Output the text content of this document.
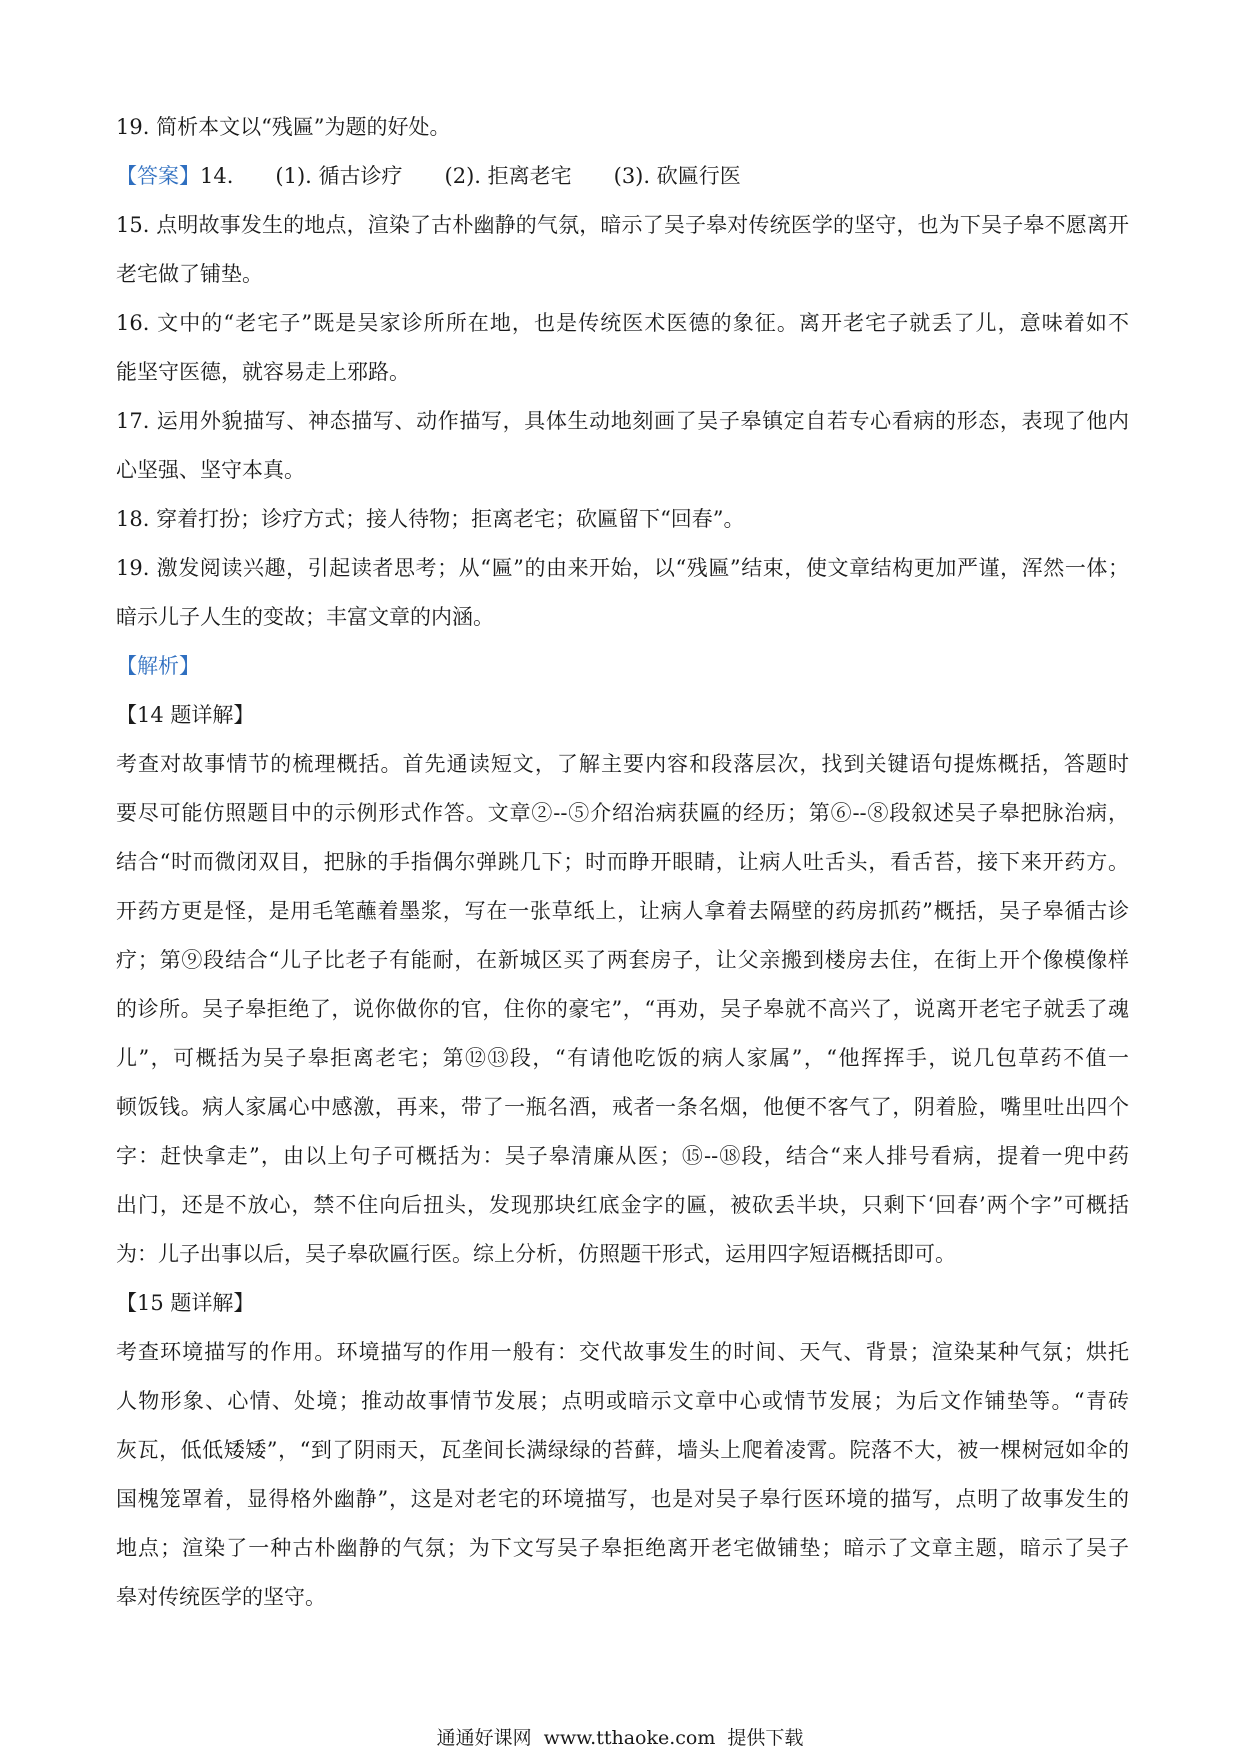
19. 简析本文以“残匾”为题的好处。
【答案】14. (1). 循古诊疗 (2). 拒离老宅 (3). 砍匾行医
15. 点明故事发生的地点，渲染了古朴幽静的气氛，暗示了吴子皋对传统医学的坚守，也为下吴子皋不愿离开
老宅做了铺垫。
16. 文中的“老宅子”既是吴家诊所所在地，也是传统医术医德的象征。离开老宅子就丢了儿，意味着如不
能坚守医德，就容易走上邪路。
17. 运用外貌描写、神态描写、动作描写，具体生动地刻画了吴子皋镇定自若专心看病的形态，表现了他内
心坚强、坚守本真。
18. 穿着打扮；诊疗方式；接人待物；拒离老宅；砍匾留下“回春”。
19. 激发阅读兴趣，引起读者思考；从“匾”的由来开始，以“残匾”结束，使文章结构更加严谨，浑然一体；
暗示儿子人生的变故；丰富文章的内涵。
【解析】
【14 题详解】
考查对故事情节的梳理概括。首先通读短文，了解主要内容和段落层次，找到关键语句提炼概括，答题时
要尽可能仿照题目中的示例形式作答。文章②--⑤介绍治病获匾的经历；第⑥--⑧段叙述吴子皋把脉治病，
结合“时而微闭双目，把脉的手指偶尔弹跳几下；时而睁开眼睛，让病人吐舌头，看舌苔，接下来开药方。
开药方更是怪，是用毛笔蘸着墨浆，写在一张草纸上，让病人拿着去隔壁的药房抓药”概括，吴子皋循古诊
疗；第⑨段结合“儿子比老子有能耐，在新城区买了两套房子，让父亲搬到楼房去住，在街上开个像模像样
的诊所。吴子皋拒绝了，说你做你的官，住你的豪宅”，“再劝，吴子皋就不高兴了，说离开老宅子就丢了魂
儿”，可概括为吴子皋拒离老宅；第⑫⑬段，“有请他吃饭的病人家属”，“他挥挥手，说几包草药不值一
顿饭钱。病人家属心中感激，再来，带了一瓶名酒，戒者一条名烟，他便不客气了，阴着脸，嘴里吐出四个
字：赶快拿走”，由以上句子可概括为：吴子皋清廉从医；⑮--⑱段，结合“来人排号看病，提着一兜中药
出门，还是不放心，禁不住向后扭头，发现那块红底金字的匾，被砍丢半块，只剩下‘回春’两个字”可概括
为：儿子出事以后，吴子皋砍匾行医。综上分析，仿照题干形式，运用四字短语概括即可。
【15 题详解】
考查环境描写的作用。环境描写的作用一般有：交代故事发生的时间、天气、背景；渲染某种气氛；烘托
人物形象、心情、处境；推动故事情节发展；点明或暗示文章中心或情节发展；为后文作铺垫等。“青砖
灰瓦，低低矮矮”，“到了阴雨天，瓦垄间长满绿绿的苔藓，墙头上爬着凌霄。院落不大，被一棵树冠如伞的
国槐笼罩着，显得格外幽静”，这是对老宅的环境描写，也是对吴子皋行医环境的描写，点明了故事发生的
地点；渲染了一种古朴幽静的气氛；为下文写吴子皋拒绝离开老宅做铺垫；暗示了文章主题，暗示了吴子
皋对传统医学的坚守。
通通好课网 www.tthaoke.com 提供下载
